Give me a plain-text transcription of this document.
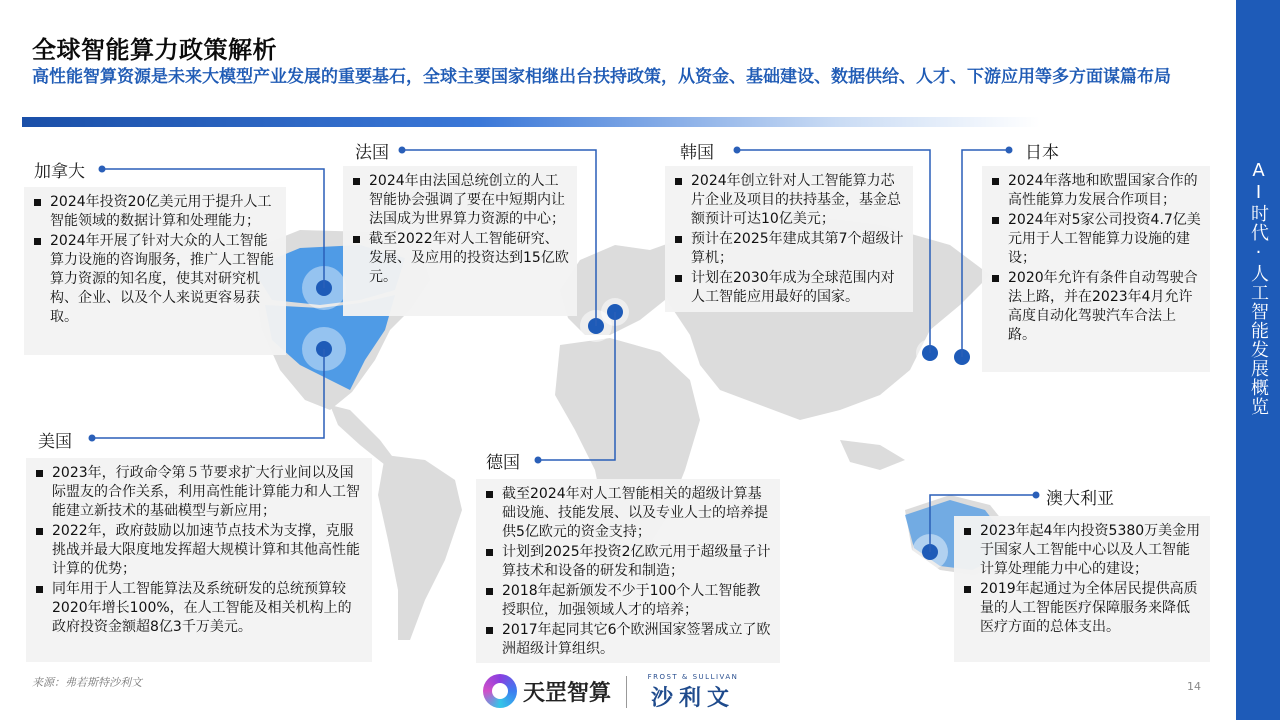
全球智能算力政策解析
高性能智算资源是未来大模型产业发展的重要基石，全球主要国家相继出台扶持政策，从资金、基础建设、数据供给、人才、下游应用等多方面谋篇布局
加拿大
美国
法国
德国
韩国	日本
澳大利亚
2024年投资20亿美元用于提升人工智能领域的数据计算和处理能力；
2024年开展了针对大众的人工智能算力设施的咨询服务，推广人工智能算力资源的知名度，使其对研究机构、企业、以及个人来说更容易获取。
2023年，行政命令第５节要求扩大行业间以及国际盟友的合作关系，利用高性能计算能力和人工智能建立新技术的基础模型与新应用；
2022年，政府鼓励以加速节点技术为支撑，克服挑战并最大限度地发挥超大规模计算和其他高性能计算的优势；
同年用于人工智能算法及系统研发的总统预算较2020年增长100%，在人工智能及相关机构上的政府投资金额超8亿3千万美元。
2024年由法国总统创立的人工智能协会强调了要在中短期内让法国成为世界算力资源的中心；
截至2022年对人工智能研究、发展、及应用的投资达到15亿欧元。
截至2024年对人工智能相关的超级计算基础设施、技能发展、以及专业人士的培养提供5亿欧元的资金支持；
计划到2025年投资2亿欧元用于超级量子计算技术和设备的研发和制造；
2018年起新颁发不少于100个人工智能教授职位，加强领域人才的培养；
2017年起同其它6个欧洲国家签署成立了欧洲超级计算组织。
2024年创立针对人工智能算力芯片企业及项目的扶持基金，基金总额预计可达10亿美元；
预计在2025年建成其第7个超级计算机；
计划在2030年成为全球范围内对人工智能应用最好的国家。
2024年落地和欧盟国家合作的高性能算力发展合作项目；
2024年对5家公司投资4.7亿美元用于人工智能算力设施的建设；
2020年允许有条件自动驾驶合法上路，并在2023年4月允许高度自动化驾驶汽车合法上路。
2023年起4年内投资5380万美金用于国家人工智能中心以及人工智能计算处理能力中心的建设；
2019年起通过为全体居民提供高质量的人工智能医疗保障服务来降低医疗方面的总体支出。
来源：弗若斯特沙利文	天罡智算
FROST & SULLIVAN
沙利文	14
AI时代·人工智能发展概览
